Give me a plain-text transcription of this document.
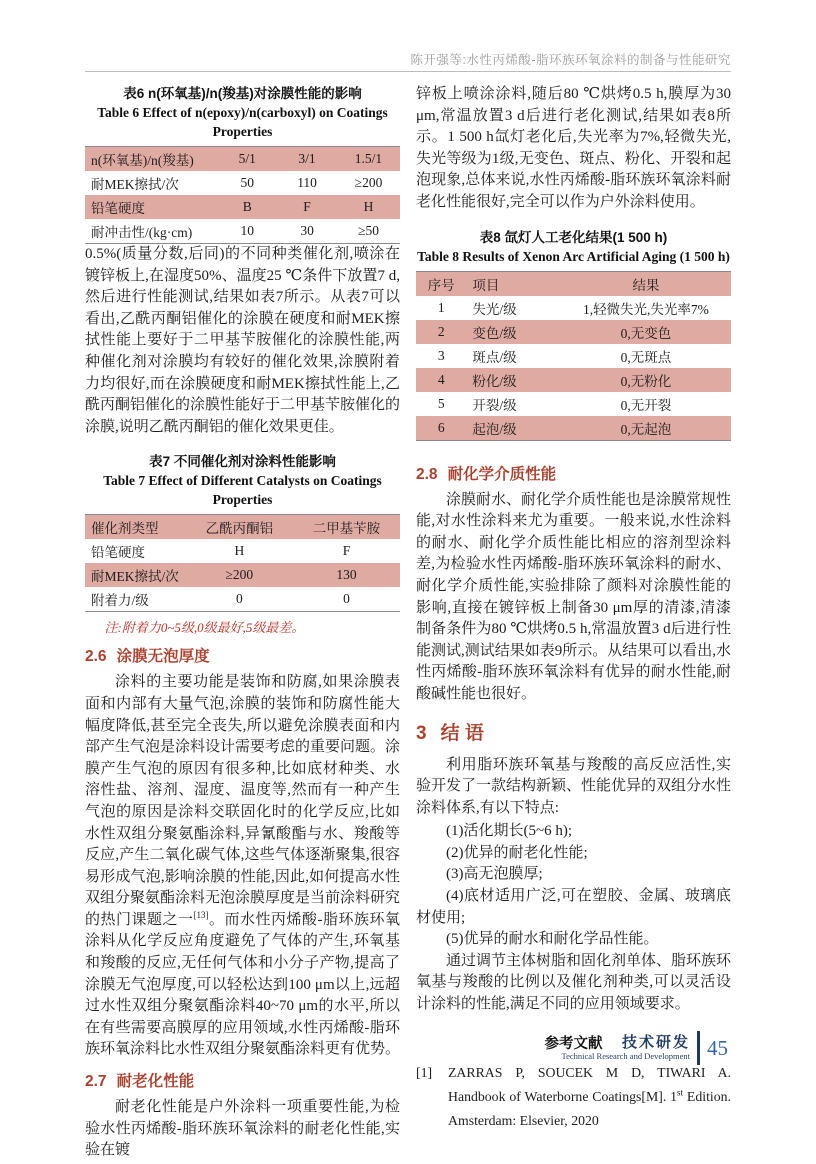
陈开强等:水性丙烯酸-脂环族环氧涂料的制备与性能研究

表6 n(环氧基)/n(羧基)对涂膜性能的影响

Table 6 Effect of n(epoxy)/n(carboxyl) on Coatings

Properties

n(环氧基)/n(羧基)	5/1	3/1	1.5/1
耐MEK擦拭/次	50	110	≥200
铅笔硬度	B	F	H
耐冲击性/(kg·cm)	10	30	≥50

0.5%(质量分数,后同)的不同种类催化剂,喷涂在镀锌板上,在湿度50%、温度25 ℃条件下放置7 d,然后进行性能测试,结果如表7所示。从表7可以看出,乙酰丙酮铝催化的涂膜在硬度和耐MEK擦拭性能上要好于二甲基苄胺催化的涂膜性能,两种催化剂对涂膜均有较好的催化效果,涂膜附着力均很好,而在涂膜硬度和耐MEK擦拭性能上,乙酰丙酮铝催化的涂膜性能好于二甲基苄胺催化的涂膜,说明乙酰丙酮铝的催化效果更佳。

表7 不同催化剂对涂料性能影响

Table 7 Effect of Different Catalysts on Coatings

Properties

催化剂类型	乙酰丙酮铝	二甲基苄胺
铅笔硬度	H	F
耐MEK擦拭/次	≥200	130
附着力/级	0	0

注:附着力0~5级,0级最好,5级最差。

2.6 涂膜无泡厚度

涂料的主要功能是装饰和防腐,如果涂膜表面和内部有大量气泡,涂膜的装饰和防腐性能大幅度降低,甚至完全丧失,所以避免涂膜表面和内部产生气泡是涂料设计需要考虑的重要问题。涂膜产生气泡的原因有很多种,比如底材种类、水溶性盐、溶剂、湿度、温度等,然而有一种产生气泡的原因是涂料交联固化时的化学反应,比如水性双组分聚氨酯涂料,异氰酸酯与水、羧酸等反应,产生二氧化碳气体,这些气体逐渐聚集,很容易形成气泡,影响涂膜的性能,因此,如何提高水性双组分聚氨酯涂料无泡涂膜厚度是当前涂料研究的热门课题之一[13]。而水性丙烯酸-脂环族环氧涂料从化学反应角度避免了气体的产生,环氧基和羧酸的反应,无任何气体和小分子产物,提高了涂膜无气泡厚度,可以轻松达到100 μm以上,远超过水性双组分聚氨酯涂料40~70 μm的水平,所以在有些需要高膜厚的应用领域,水性丙烯酸-脂环族环氧涂料比水性双组分聚氨酯涂料更有优势。

2.7 耐老化性能

耐老化性能是户外涂料一项重要性能,为检验水性丙烯酸-脂环族环氧涂料的耐老化性能,实验在镀

锌板上喷涂涂料,随后80 ℃烘烤0.5 h,膜厚为30 μm,常温放置3 d后进行老化测试,结果如表8所示。1 500 h氙灯老化后,失光率为7%,轻微失光,失光等级为1级,无变色、斑点、粉化、开裂和起泡现象,总体来说,水性丙烯酸-脂环族环氧涂料耐老化性能很好,完全可以作为户外涂料使用。

表8 氙灯人工老化结果(1 500 h)

Table 8 Results of Xenon Arc Artificial Aging (1 500 h)

序号	项目	结果
1	失光/级	1,轻微失光,失光率7%
2	变色/级	0,无变色
3	斑点/级	0,无斑点
4	粉化/级	0,无粉化
5	开裂/级	0,无开裂
6	起泡/级	0,无起泡
2.8 耐化学介质性能

涂膜耐水、耐化学介质性能也是涂膜常规性能,对水性涂料来尤为重要。一般来说,水性涂料的耐水、耐化学介质性能比相应的溶剂型涂料差,为检验水性丙烯酸-脂环族环氧涂料的耐水、耐化学介质性能,实验排除了颜料对涂膜性能的影响,直接在镀锌板上制备30 μm厚的清漆,清漆制备条件为80 ℃烘烤0.5 h,常温放置3 d后进行性能测试,测试结果如表9所示。从结果可以看出,水性丙烯酸-脂环族环氧涂料有优异的耐水性能,耐酸碱性能也很好。

3 结 语

利用脂环族环氧基与羧酸的高反应活性,实验开发了一款结构新颖、性能优异的双组分水性涂料体系,有以下特点:

(1)活化期长(5~6 h);

(2)优异的耐老化性能;

(3)高无泡膜厚;

(4)底材适用广泛,可在塑胶、金属、玻璃底材使用;

(5)优异的耐水和耐化学品性能。

通过调节主体树脂和固化剂单体、脂环族环氧基与羧酸的比例以及催化剂种类,可以灵活设计涂料的性能,满足不同的应用领域要求。

参考文献

[1] ZARRAS P, SOUCEK M D, TIWARI A. Handbook of Waterborne Coatings[M]. 1st Edition. Amsterdam: Elsevier, 2020

技术研发
Technical Research and Development 45
